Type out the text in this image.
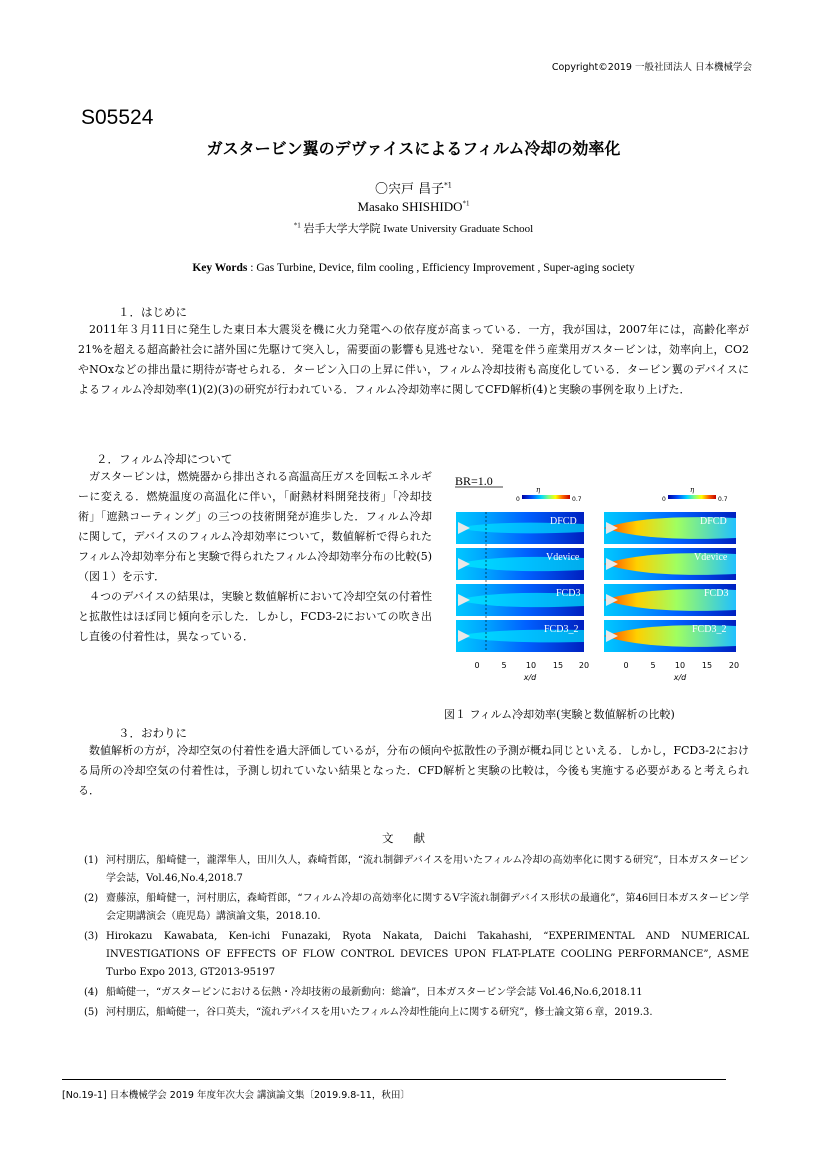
Copyright©2019 一般社団法人 日本機械学会
S05524
ガスタービン翼のデヴァイスによるフィルム冷却の効率化
〇宍戸 昌子$^{*1}$
Masako SHISHIDO$^{*1}$
$^{*1}$ 岩手大学大学院 Iwate University Graduate School
Key Words : Gas Turbine, Device, film cooling , Efficiency Improvement , Super-aging society
１．はじめに

2011年３月11日に発生した東日本大震災を機に火力発電への依存度が高まっている．一方，我が国は，2007年には，高齢化率が21%を超える超高齢社会に諸外国に先駆けて突入し，需要面の影響も見逃せない．発電を伴う産業用ガスタービンは，効率向上，CO2やNOxなどの排出量に期待が寄せられる．タービン入口の上昇に伴い，フィルム冷却技術も高度化している．タービン翼のデバイスによるフィルム冷却効率(1)(2)(3)の研究が行われている．フィルム冷却効率に関してCFD解析(4)と実験の事例を取り上げた．

２．フィルム冷却について

ガスタービンは，燃焼器から排出される高温高圧ガスを回転エネルギーに変える．燃焼温度の高温化に伴い，「耐熱材料開発技術」「冷却技術」「遮熱コーティング」の三つの技術開発が進歩した．フィルム冷却に関して，デバイスのフィルム冷却効率について，数値解析で得られたフィルム冷却効率分布と実験で得られたフィルム冷却効率分布の比較(5)（図１）を示す．

４つのデバイスの結果は，実験と数値解析において冷却空気の付着性と拡散性はほぼ同じ傾向を示した．しかし，FCD3-2においての吹き出し直後の付着性は，異なっている．

BR=1.0
η
0	0.7
η
0	0.7
DFCD
Vdevice
FCD3
FCD3_2
DFCD
Vdevice
FCD3
FCD3_2
0	5 10 15 20
x/d
0	5 10 15 20
x/d
図１ フィルム冷却効率(実験と数値解析の比較)
３．おわりに

数値解析の方が，冷却空気の付着性を過大評価しているが，分布の傾向や拡散性の予測が概ね同じといえる．しかし，FCD3-2における局所の冷却空気の付着性は，予測し切れていない結果となった．CFD解析と実験の比較は，今後も実施する必要があると考えられる．

文献
(1) 河村朋広，船崎健一，瀧澤隼人，田川久人，森崎哲郎，“流れ制御デバイスを用いたフィルム冷却の高効率化に関する研究”，日本ガスタービン学会誌，Vol.46,No.4,2018.7
(2) 齋藤涼，船崎健一，河村朋広，森崎哲郎，“フィルム冷却の高効率化に関するV字流れ制御デバイス形状の最適化”，第46回日本ガスタービン学会定期講演会（鹿児島）講演論文集，2018.10.
(3) Hirokazu Kawabata, Ken-ichi Funazaki, Ryota Nakata, Daichi Takahashi, “EXPERIMENTAL AND NUMERICAL INVESTIGATIONS OF EFFECTS OF FLOW CONTROL DEVICES UPON FLAT-PLATE COOLING PERFORMANCE”, ASME Turbo Expo 2013, GT2013-95197
(4) 船崎健一，“ガスタービンにおける伝熱・冷却技術の最新動向：総論”，日本ガスタービン学会誌 Vol.46,No.6,2018.11
(5) 河村朋広，船崎健一，谷口英夫，“流れデバイスを用いたフィルム冷却性能向上に関する研究”，修士論文第６章，2019.3.
[No.19-1] 日本機械学会 2019 年度年次大会 講演論文集〔2019.9.8-11，秋田〕
